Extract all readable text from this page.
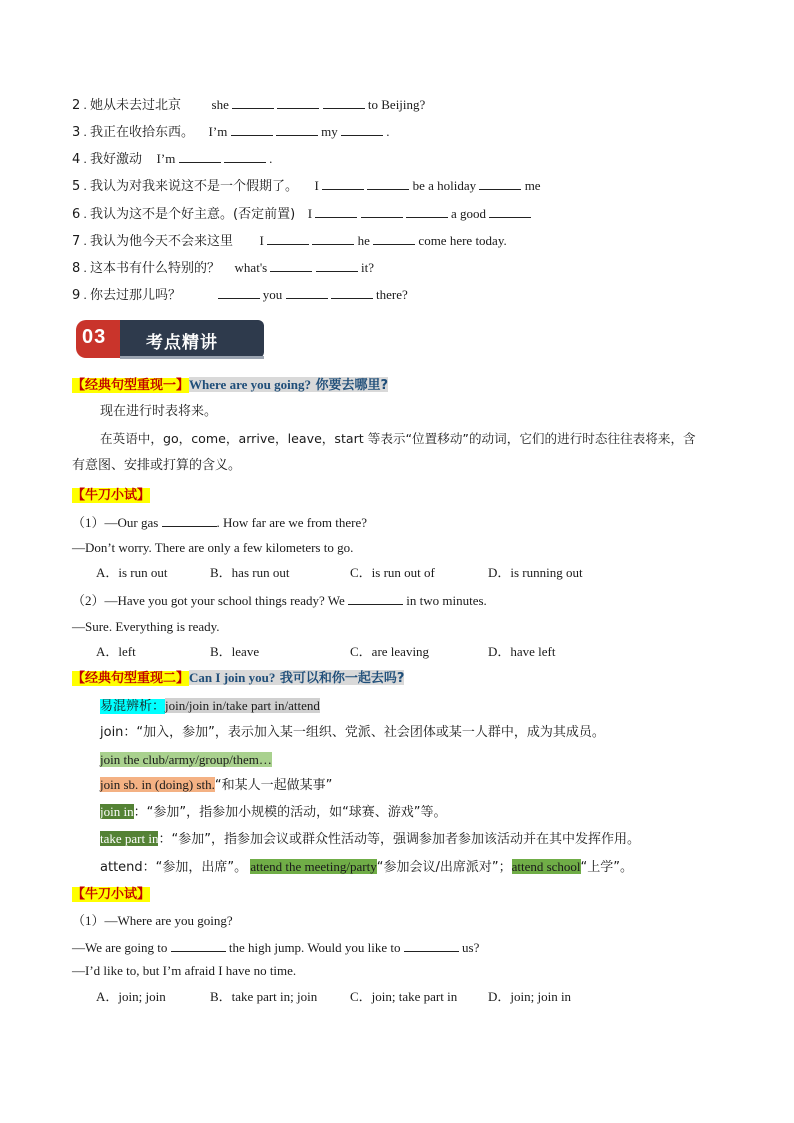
2 . 她从未去过北京 she	to Beijing?
3 . 我正在收拾东西。 I’m	my	.
4 . 我好激动 I’m	.
5 . 我认为对我来说这不是一个假期了。 I	be a holiday	me
6 . 我认为这不是个好主意。(否定前置) I	a good
7 . 我认为他今天不会来这里 I	he	come here today.
8 . 这本书有什么特别的？ what's	it?
9 . 你去过那儿吗？	you	there?
03 考点精讲
【经典句型重现一】Where are you going? 你要去哪里?
现在进行时表将来。
在英语中，go，come，arrive，leave，start 等表示“位置移动”的动词，它们的进行时态往往表将来，含
有意图、安排或打算的含义。
【牛刀小试】
（1）—Our gas	. How far are we from there?
—Don’t worry. There are only a few kilometers to go.
A．is run out	B．has run out	C．is run out of	D．is running out
（2）—Have you got your school things ready? We	in two minutes.
—Sure. Everything is ready.
A．left	B．leave	C．are leaving	D．have left
【经典句型重现二】Can I join you? 我可以和你一起去吗?
易混辨析：join/join in/take part in/attend
join：“加入，参加”，表示加入某一组织、党派、社会团体或某一人群中，成为其成员。
join the club/army/group/them…
join sb. in (doing) sth.“和某人一起做某事”
join in：“参加”，指参加小规模的活动，如“球赛、游戏”等。
take part in：“参加”，指参加会议或群众性活动等，强调参加者参加该活动并在其中发挥作用。
attend：“参加，出席”。 attend the meeting/party“参加会议/出席派对”；attend school“上学”。
【牛刀小试】
（1）—Where are you going?
—We are going to	the high jump. Would you like to	us?
—I’d like to, but I’m afraid I have no time.
A．join; join	B．take part in; join	C．join; take part in D．join; join in
